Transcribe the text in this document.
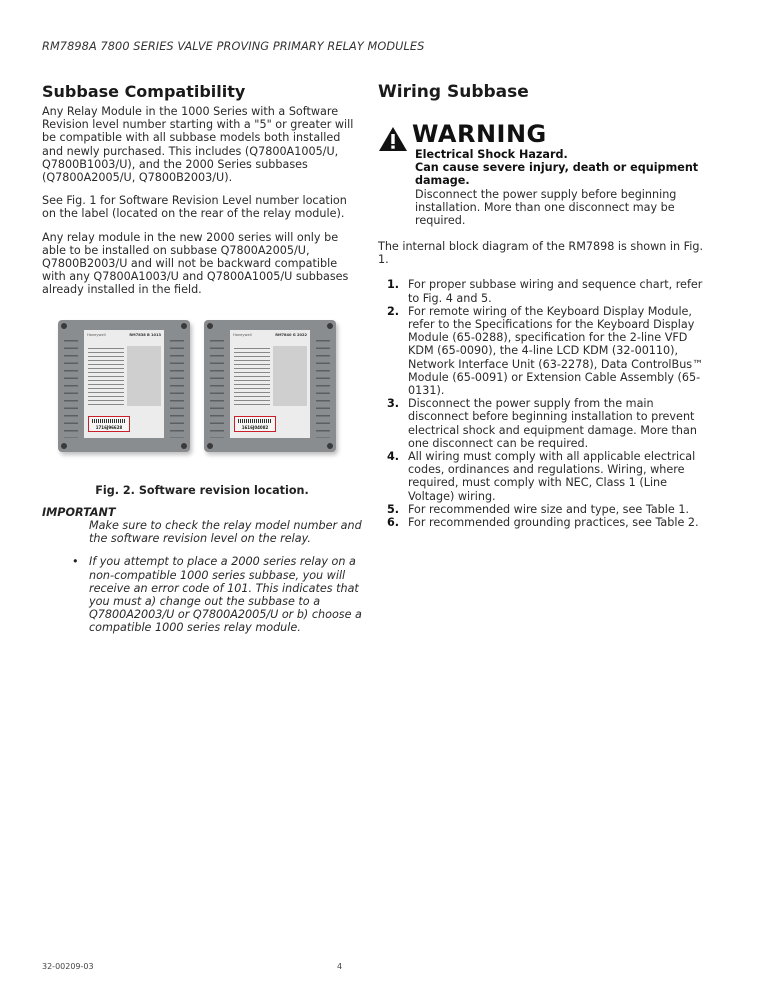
RM7898A 7800 SERIES VALVE PROVING PRIMARY RELAY MODULES
Subbase Compatibility

Any Relay Module in the 1000 Series with a Software Revision level number starting with a "5" or greater will be compatible with all subbase models both installed and newly purchased. This includes (Q7800A1005/U, Q7800B1003/U), and the 2000 Series subbases (Q7800A2005/U, Q7800B2003/U).

See Fig. 1 for Software Revision Level number location on the label (located on the rear of the relay module).

Any relay module in the new 2000 series will only be able to be installed on subbase Q7800A2005/U, Q7800B2003/U and will not be backward compatible with any Q7800A1003/U and Q7800A1005/U subbases already installed in the field.

Honeywell	RM7838 B 1013
1716J96628
Honeywell	RM7840 G 2022
1616J04082
Fig. 2. Software revision location.
IMPORTANT
Make sure to check the relay model number and the software revision level on the relay.
• If you attempt to place a 2000 series relay on a non-compatible 1000 series subbase, you will receive an error code of 101. This indicates that you must a) change out the subbase to a Q7800A2003/U or Q7800A2005/U or b) choose a compatible 1000 series relay module.
Wiring Subbase
WARNING

Electrical Shock Hazard.

Can cause severe injury, death or equipment damage.

Disconnect the power supply before beginning installation. More than one disconnect may be required.

The internal block diagram of the RM7898 is shown in Fig. 1.

1. For proper subbase wiring and sequence chart, refer to Fig. 4 and 5.
2. For remote wiring of the Keyboard Display Module, refer to the Specifications for the Keyboard Display Module (65-0288), specification for the 2-line VFD KDM (65-0090), the 4-line LCD KDM (32-00110), Network Interface Unit (63-2278), Data ControlBus™ Module (65-0091) or Extension Cable Assembly (65-0131).
3. Disconnect the power supply from the main disconnect before beginning installation to prevent electrical shock and equipment damage. More than one disconnect can be required.
4. All wiring must comply with all applicable electrical codes, ordinances and regulations. Wiring, where required, must comply with NEC, Class 1 (Line Voltage) wiring.
5. For recommended wire size and type, see Table 1.
6. For recommended grounding practices, see Table 2.
32-00209-03	4
